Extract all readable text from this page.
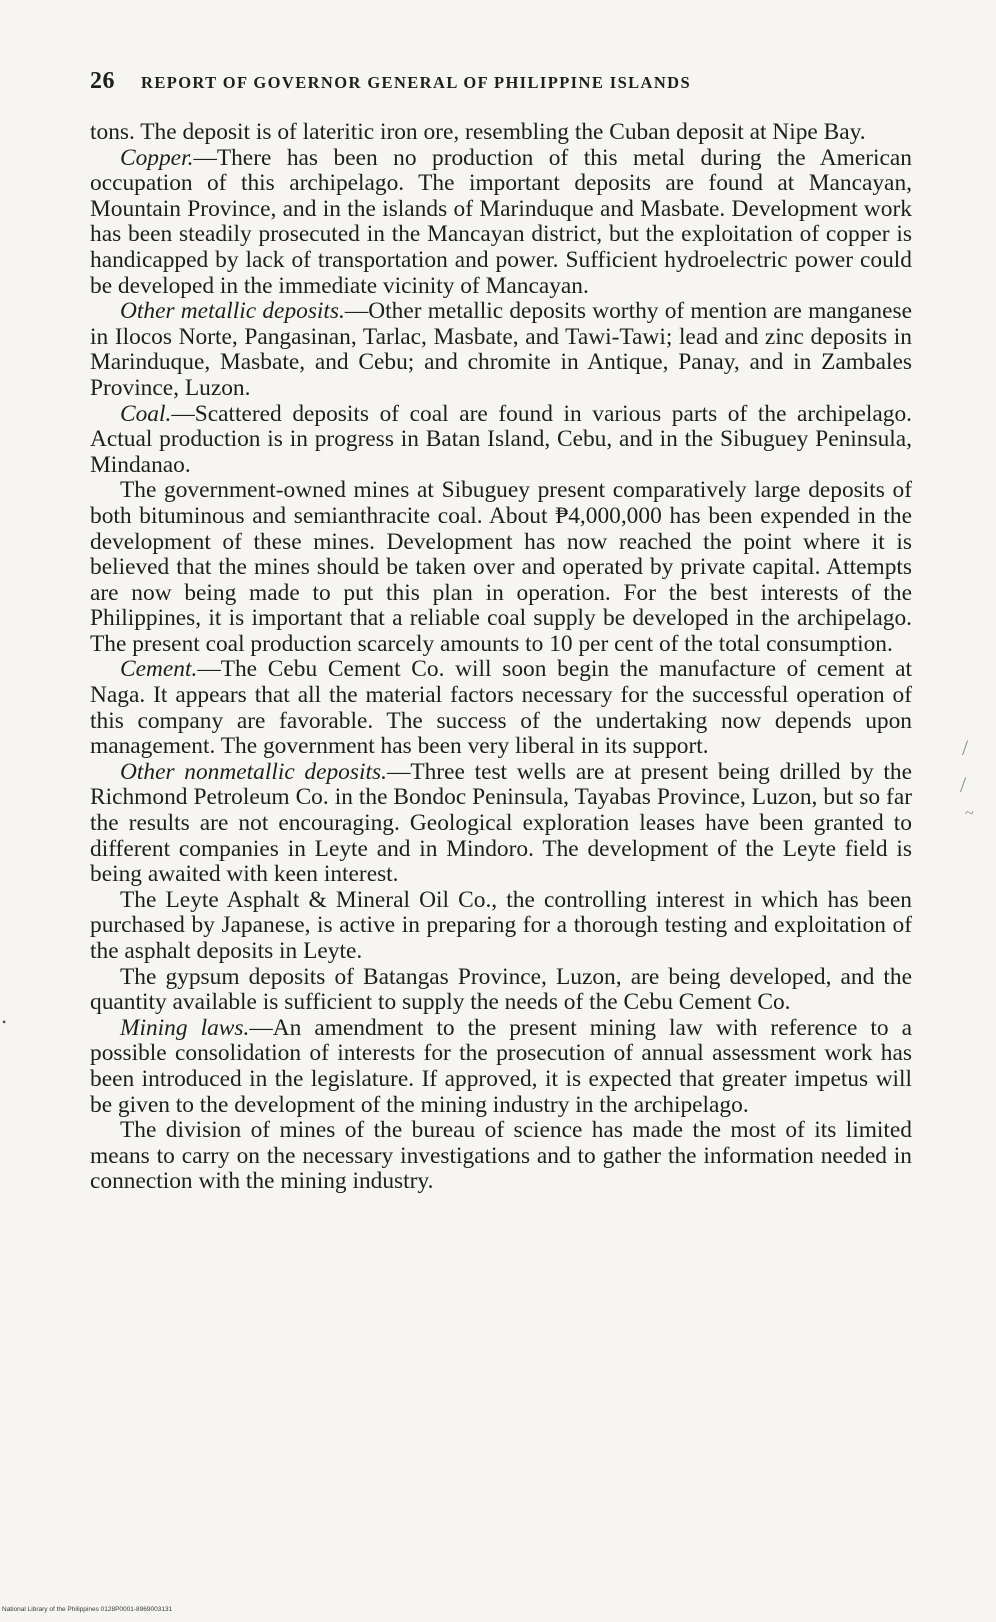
26 REPORT OF GOVERNOR GENERAL OF PHILIPPINE ISLANDS

tons. The deposit is of lateritic iron ore, resembling the Cuban deposit at Nipe Bay.

Copper.—There has been no production of this metal during the American occupation of this archipelago. The important deposits are found at Mancayan, Mountain Province, and in the islands of Marinduque and Masbate. Development work has been steadily prosecuted in the Mancayan district, but the exploitation of copper is handicapped by lack of transportation and power. Sufficient hydroelectric power could be developed in the immediate vicinity of Mancayan.

Other metallic deposits.—Other metallic deposits worthy of mention are manganese in Ilocos Norte, Pangasinan, Tarlac, Masbate, and Tawi-Tawi; lead and zinc deposits in Marinduque, Masbate, and Cebu; and chromite in Antique, Panay, and in Zambales Province, Luzon.

Coal.—Scattered deposits of coal are found in various parts of the archipelago. Actual production is in progress in Batan Island, Cebu, and in the Sibuguey Peninsula, Mindanao.

The government-owned mines at Sibuguey present comparatively large deposits of both bituminous and semianthracite coal. About ₱4,000,000 has been expended in the development of these mines. Development has now reached the point where it is believed that the mines should be taken over and operated by private capital. Attempts are now being made to put this plan in operation. For the best interests of the Philippines, it is important that a reliable coal supply be developed in the archipelago. The present coal production scarcely amounts to 10 per cent of the total consumption.

Cement.—The Cebu Cement Co. will soon begin the manufacture of cement at Naga. It appears that all the material factors necessary for the successful operation of this company are favorable. The success of the undertaking now depends upon management. The government has been very liberal in its support.

Other nonmetallic deposits.—Three test wells are at present being drilled by the Richmond Petroleum Co. in the Bondoc Peninsula, Tayabas Province, Luzon, but so far the results are not encouraging. Geological exploration leases have been granted to different companies in Leyte and in Mindoro. The development of the Leyte field is being awaited with keen interest.

The Leyte Asphalt & Mineral Oil Co., the controlling interest in which has been purchased by Japanese, is active in preparing for a thorough testing and exploitation of the asphalt deposits in Leyte.

The gypsum deposits of Batangas Province, Luzon, are being developed, and the quantity available is sufficient to supply the needs of the Cebu Cement Co.

Mining laws.—An amendment to the present mining law with reference to a possible consolidation of interests for the prosecution of annual assessment work has been introduced in the legislature. If approved, it is expected that greater impetus will be given to the development of the mining industry in the archipelago.

The division of mines of the bureau of science has made the most of its limited means to carry on the necessary investigations and to gather the information needed in connection with the mining industry.

/
/
~
•
National Library of the Philippines 0128P0001-8969003131
